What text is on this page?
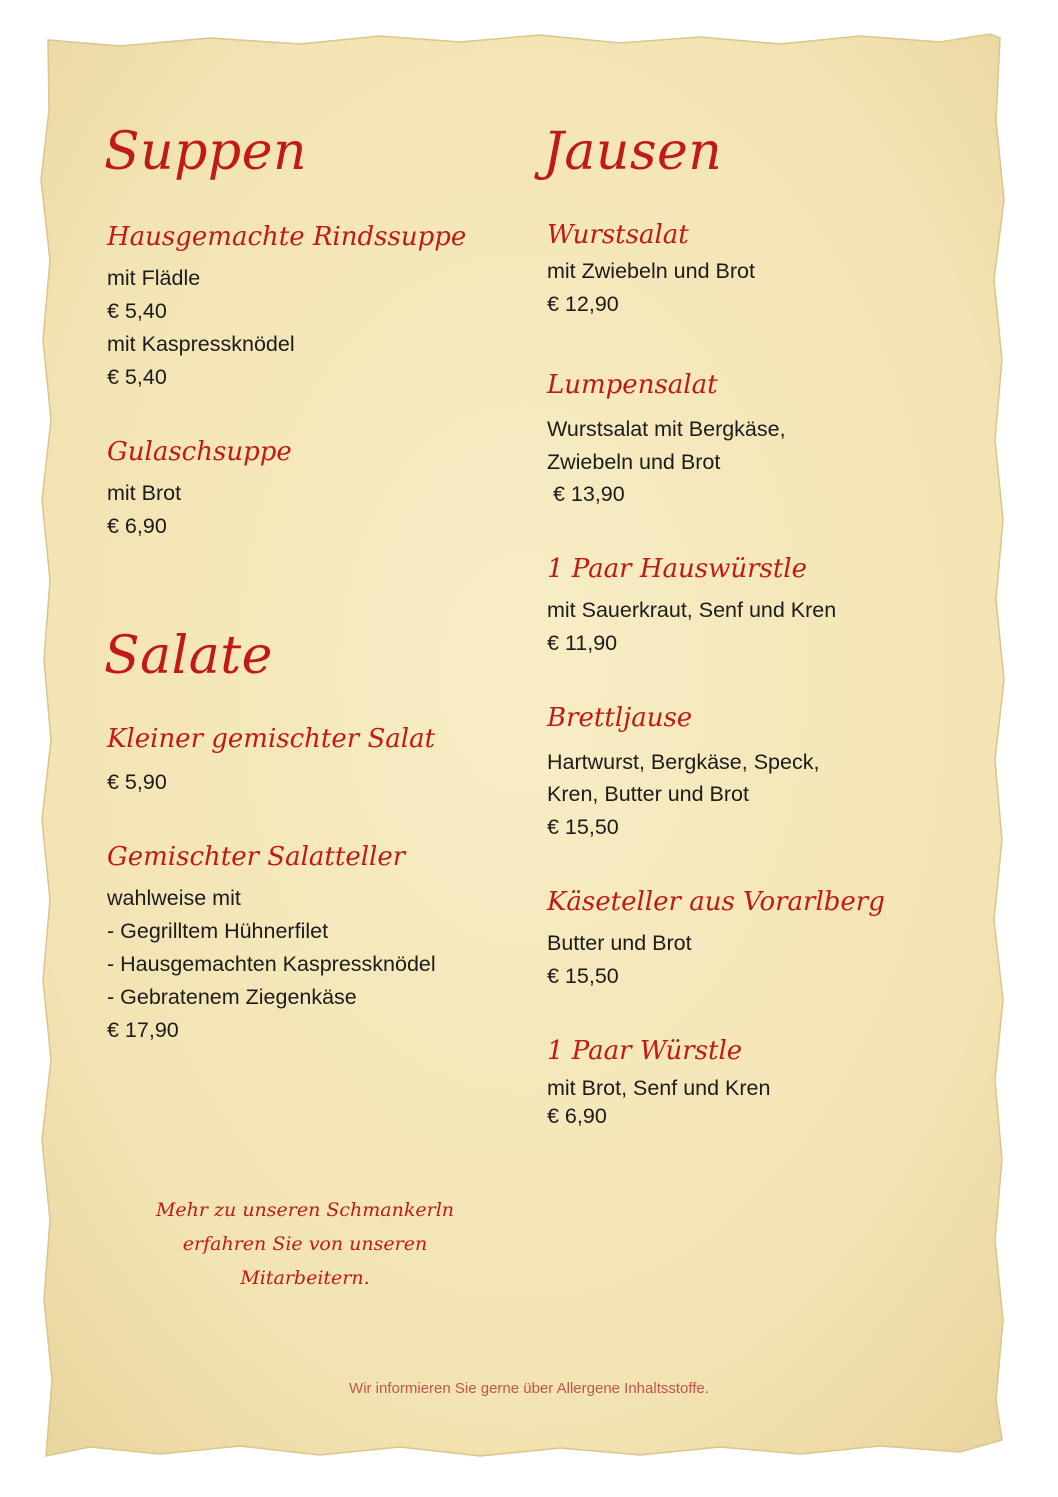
Suppen
Hausgemachte Rindssuppe

mit Flädle

€ 5,40

mit Kaspressknödel

€ 5,40

Gulaschsuppe

mit Brot

€ 6,90

Salate
Kleiner gemischter Salat

€ 5,90

Gemischter Salatteller

wahlweise mit

- Gegrilltem Hühnerfilet

- Hausgemachten Kaspressknödel

- Gebratenem Ziegenkäse

€ 17,90

Jausen
Wurstsalat

mit Zwiebeln und Brot

€ 12,90

Lumpensalat

Wurstsalat mit Bergkäse,

Zwiebeln und Brot

€ 13,90

1 Paar Hauswürstle

mit Sauerkraut, Senf und Kren

€ 11,90

Brettljause

Hartwurst, Bergkäse, Speck,

Kren, Butter und Brot

€ 15,50

Käseteller aus Vorarlberg

Butter und Brot

€ 15,50

1 Paar Würstle

mit Brot, Senf und Kren

€ 6,90

Mehr zu unseren Schmankerln
erfahren Sie von unseren
Mitarbeitern.

Wir informieren Sie gerne über Allergene Inhaltsstoffe.
